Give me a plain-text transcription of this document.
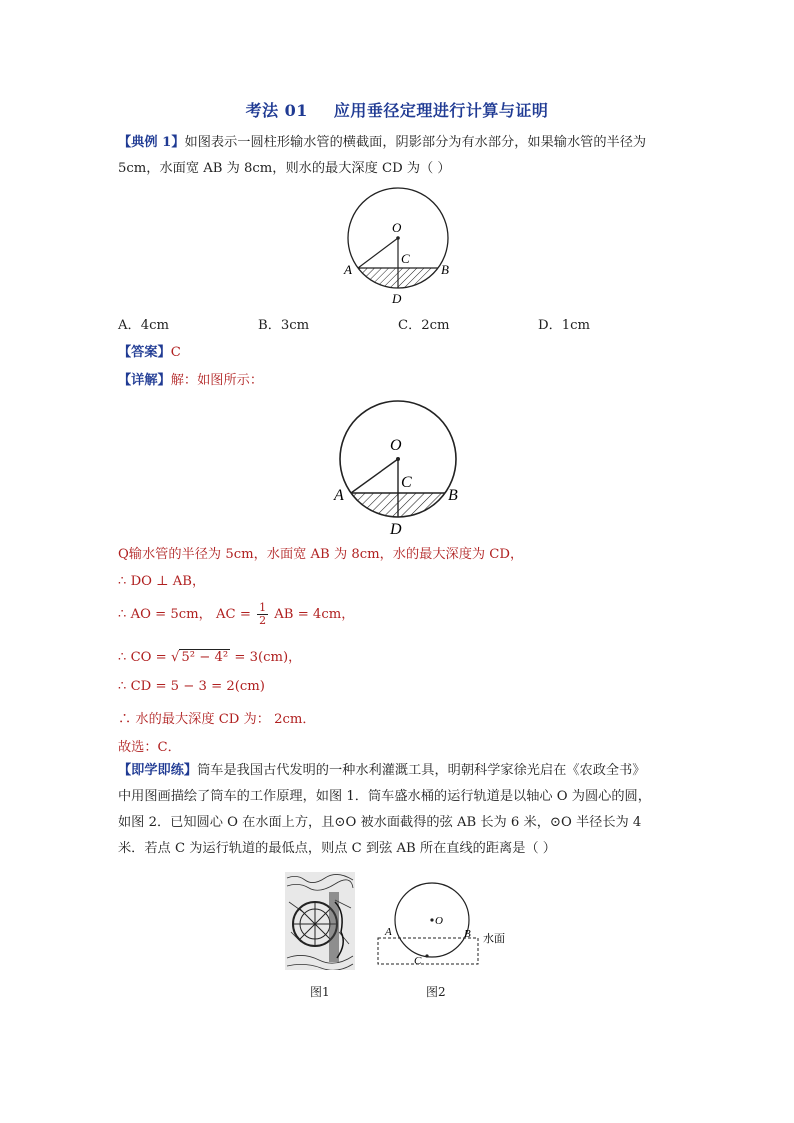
考法 01 应用垂径定理进行计算与证明
【典例 1】如图表示一圆柱形输水管的横截面，阴影部分为有水部分，如果输水管的半径为
5cm，水面宽 AB 为 8cm，则水的最大深度 CD 为（ ）
O
A	B
C
D
A．4cm	B．3cm	C．2cm	D．1cm
【答案】C
【详解】解：如图所示：
O
A	B
C
D
Q输水管的半径为 5cm，水面宽 AB 为 8cm，水的最大深度为 CD，
∴ DO ⊥ AB，
∴ AO = 5cm， AC = $\frac{1}{2}$ AB = 4cm，
∴ CO = √ 5² − 4² = 3(cm)，
∴ CD = 5 − 3 = 2(cm)
∴ 水的最大深度 CD 为： 2cm．
故选：C．
【即学即练】筒车是我国古代发明的一种水利灌溉工具，明朝科学家徐光启在《农政全书》
中用图画描绘了筒车的工作原理，如图 1．筒车盛水桶的运行轨道是以轴心 O 为圆心的圆，
如图 2．已知圆心 O 在水面上方，且⊙O 被水面截得的弦 AB 长为 6 米，⊙O 半径长为 4
米．若点 C 为运行轨道的最低点，则点 C 到弦 AB 所在直线的距离是（ ）
O
A	B
C
水面
图1	图2
